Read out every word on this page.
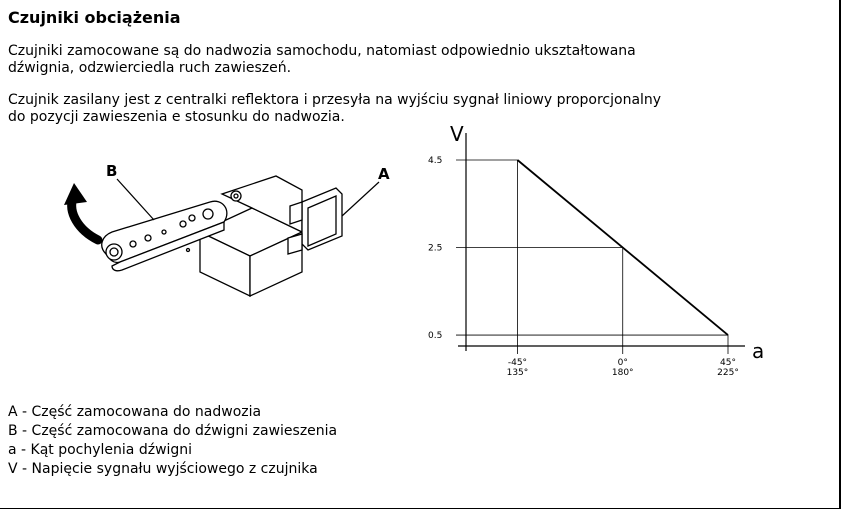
Czujniki obciążenia
Czujniki zamocowane są do nadwozia samochodu, natomiast odpowiednio ukształtowana
dźwignia, odzwierciedla ruch zawieszeń.
Czujnik zasilany jest z centralki reflektora i przesyła na wyjściu sygnał liniowy proporcjonalny
do pozycji zawieszenia e stosunku do nadwozia.
B	A
4.5
2.5
0.5
-45°
135°
0°
180°
45°
225°
V
a
A - Część zamocowana do nadwozia
B - Część zamocowana do dźwigni zawieszenia
a - Kąt pochylenia dźwigni
V - Napięcie sygnału wyjściowego z czujnika
